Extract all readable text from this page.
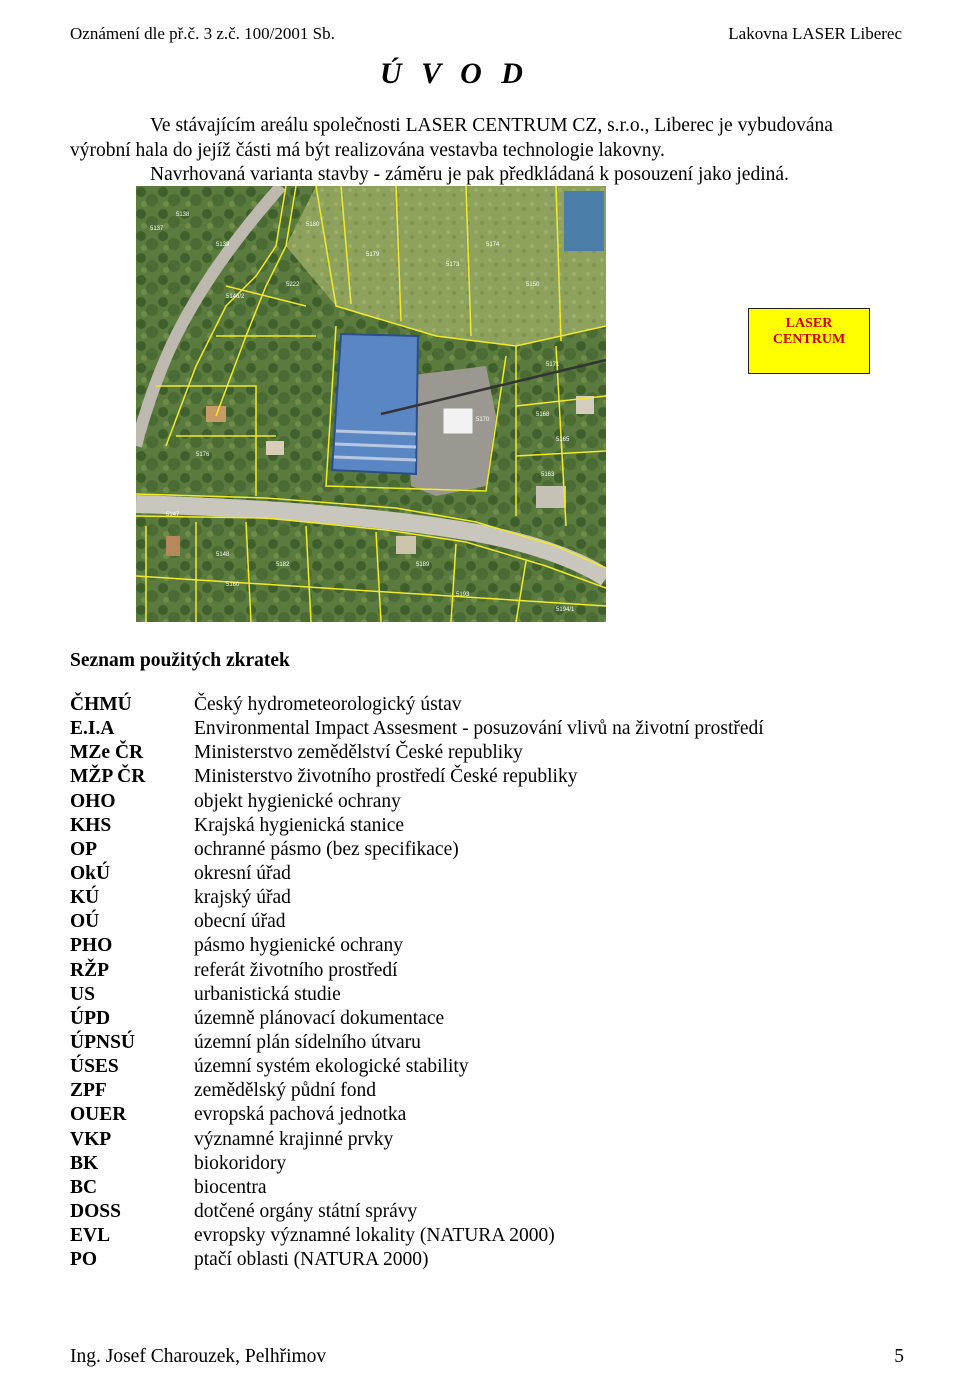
Oznámení dle př.č. 3 z.č. 100/2001 Sb.	Lakovna LASER Liberec
Ú V O D

Ve stávajícím areálu společnosti LASER CENTRUM CZ, s.r.o., Liberec je vybudována

výrobní hala do jejíž části má být realizována vestavba technologie lakovny.

Navrhovaná varianta stavby - záměru je pak předkládaná k posouzení jako jediná.

5137
5138
5139
5180
5179
5146/2
5222
5173
5174
5150
5171
5168
5165
5163
5170
5176
5147
5148
5160
5182	5189
5193
5194/1
LASER
CENTRUM
Seznam použitých zkratek
ČHMÚ	Český hydrometeorologický ústav
E.I.A	Environmental Impact Assesment - posuzování vlivů na životní prostředí
MZe ČR	Ministerstvo zemědělství České republiky
MŽP ČR	Ministerstvo životního prostředí České republiky
OHO	objekt hygienické ochrany
KHS	Krajská hygienická stanice
OP	ochranné pásmo (bez specifikace)
OkÚ	okresní úřad
KÚ	krajský úřad
OÚ	obecní úřad
PHO	pásmo hygienické ochrany
RŽP	referát životního prostředí
US	urbanistická studie
ÚPD	územně plánovací dokumentace
ÚPNSÚ	územní plán sídelního útvaru
ÚSES	územní systém ekologické stability
ZPF	zemědělský půdní fond
OUER	evropská pachová jednotka
VKP	významné krajinné prvky
BK	biokoridory
BC	biocentra
DOSS	dotčené orgány státní správy
EVL	evropsky významné lokality (NATURA 2000)
PO	ptačí oblasti (NATURA 2000)
Ing. Josef Charouzek, Pelhřimov	5
